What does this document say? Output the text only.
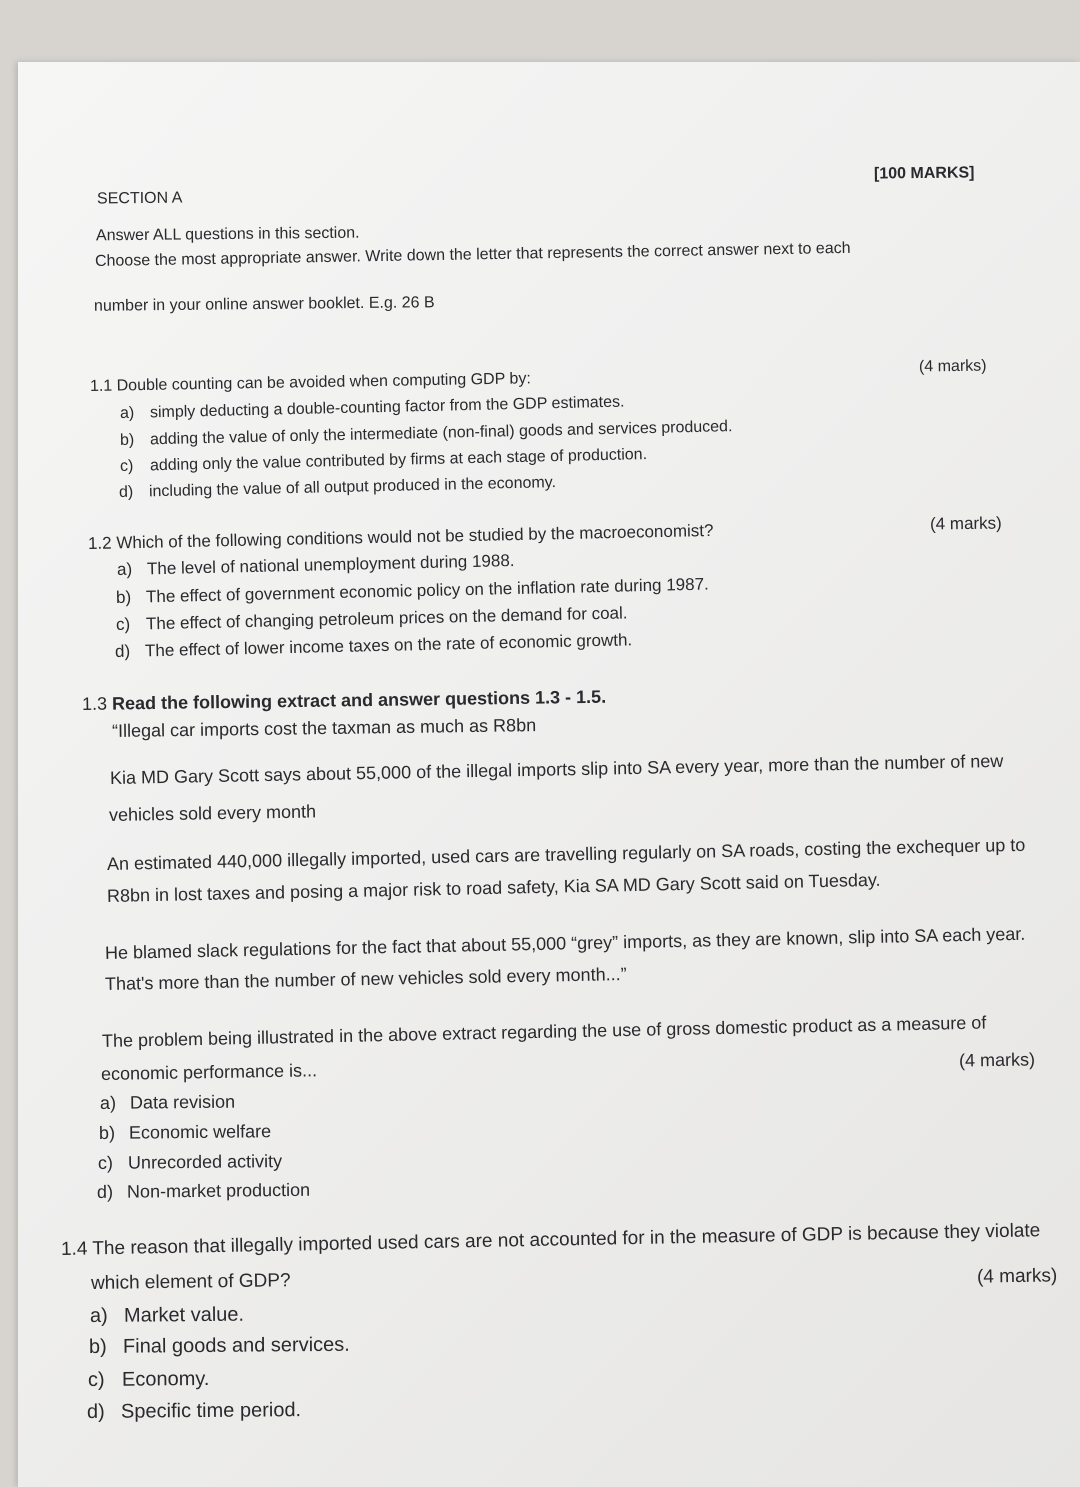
[100 MARKS]
SECTION A
Answer ALL questions in this section.
Choose the most appropriate answer. Write down the letter that represents the correct answer next to each
number in your online answer booklet. E.g. 26 B
(4 marks)
1.1 Double counting can be avoided when computing GDP by:
a) simply deducting a double-counting factor from the GDP estimates.
b) adding the value of only the intermediate (non-final) goods and services produced.
c) adding only the value contributed by firms at each stage of production.
d) including the value of all output produced in the economy.
(4 marks)
1.2 Which of the following conditions would not be studied by the macroeconomist?
a) The level of national unemployment during 1988.
b) The effect of government economic policy on the inflation rate during 1987.
c) The effect of changing petroleum prices on the demand for coal.
d) The effect of lower income taxes on the rate of economic growth.
1.3 Read the following extract and answer questions 1.3 - 1.5.
“Illegal car imports cost the taxman as much as R8bn
Kia MD Gary Scott says about 55,000 of the illegal imports slip into SA every year, more than the number of new
vehicles sold every month
An estimated 440,000 illegally imported, used cars are travelling regularly on SA roads, costing the exchequer up to
R8bn in lost taxes and posing a major risk to road safety, Kia SA MD Gary Scott said on Tuesday.
He blamed slack regulations for the fact that about 55,000 “grey” imports, as they are known, slip into SA each year.
That's more than the number of new vehicles sold every month...”
The problem being illustrated in the above extract regarding the use of gross domestic product as a measure of
economic performance is...
(4 marks)
a) Data revision
b) Economic welfare
c) Unrecorded activity
d) Non-market production
1.4 The reason that illegally imported used cars are not accounted for in the measure of GDP is because they violate
which element of GDP?	(4 marks)
a) Market value.
b) Final goods and services.
c) Economy.
d) Specific time period.
